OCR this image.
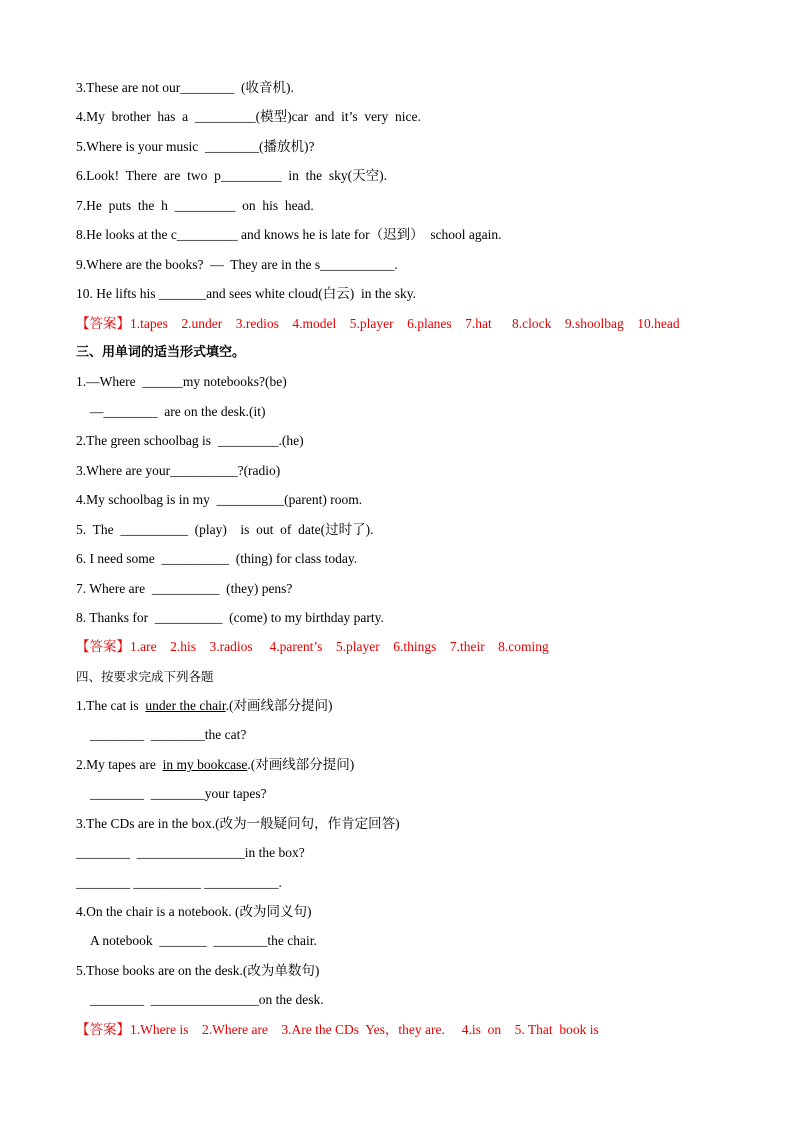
3.These are not our________  (收音机).

4.My  brother  has  a  _________(模型)car  and  it’s  very  nice.

5.Where is your music  ________(播放机)?

6.Look!  There  are  two  p_________  in  the  sky(天空).

7.He  puts  the  h  _________  on  his  head.

8.He looks at the c_________ and knows he is late for（迟到）  school again.

9.Where are the books?  —  They are in the s___________.

10. He lifts his _______and sees white cloud(白云)  in the sky.

【答案】1.tapes    2.under    3.redios    4.model    5.player    6.planes    7.hat      8.clock    9.shoolbag    10.head

三、用单词的适当形式填空。

1.—Where  ______my notebooks?(be)

—________  are on the desk.(it)

2.The green schoolbag is  _________.(he)

3.Where are your__________?(radio)

4.My schoolbag is in my  __________(parent) room.

5.  The  __________  (play)    is  out  of  date(过时了).

6. I need some  __________  (thing) for class today.

7. Where are  __________  (they) pens?

8. Thanks for  __________  (come) to my birthday party.

【答案】1.are    2.his    3.radios     4.parent’s    5.player    6.things    7.their    8.coming

四、按要求完成下列各题

1.The cat is  under the chair.(对画线部分提问)

________  ________the cat?

2.My tapes are  in my bookcase.(对画线部分提问)

________  ________your tapes?

3.The CDs are in the box.(改为一般疑问句，作肯定回答)

________  ________________in the box?

________ __________ ___________.

4.On the chair is a notebook. (改为同义句)

A notebook  _______  ________the chair.

5.Those books are on the desk.(改为单数句)

________  ________________on the desk.

【答案】1.Where is    2.Where are    3.Are the CDs  Yes，they are.     4.is  on    5. That  book is
